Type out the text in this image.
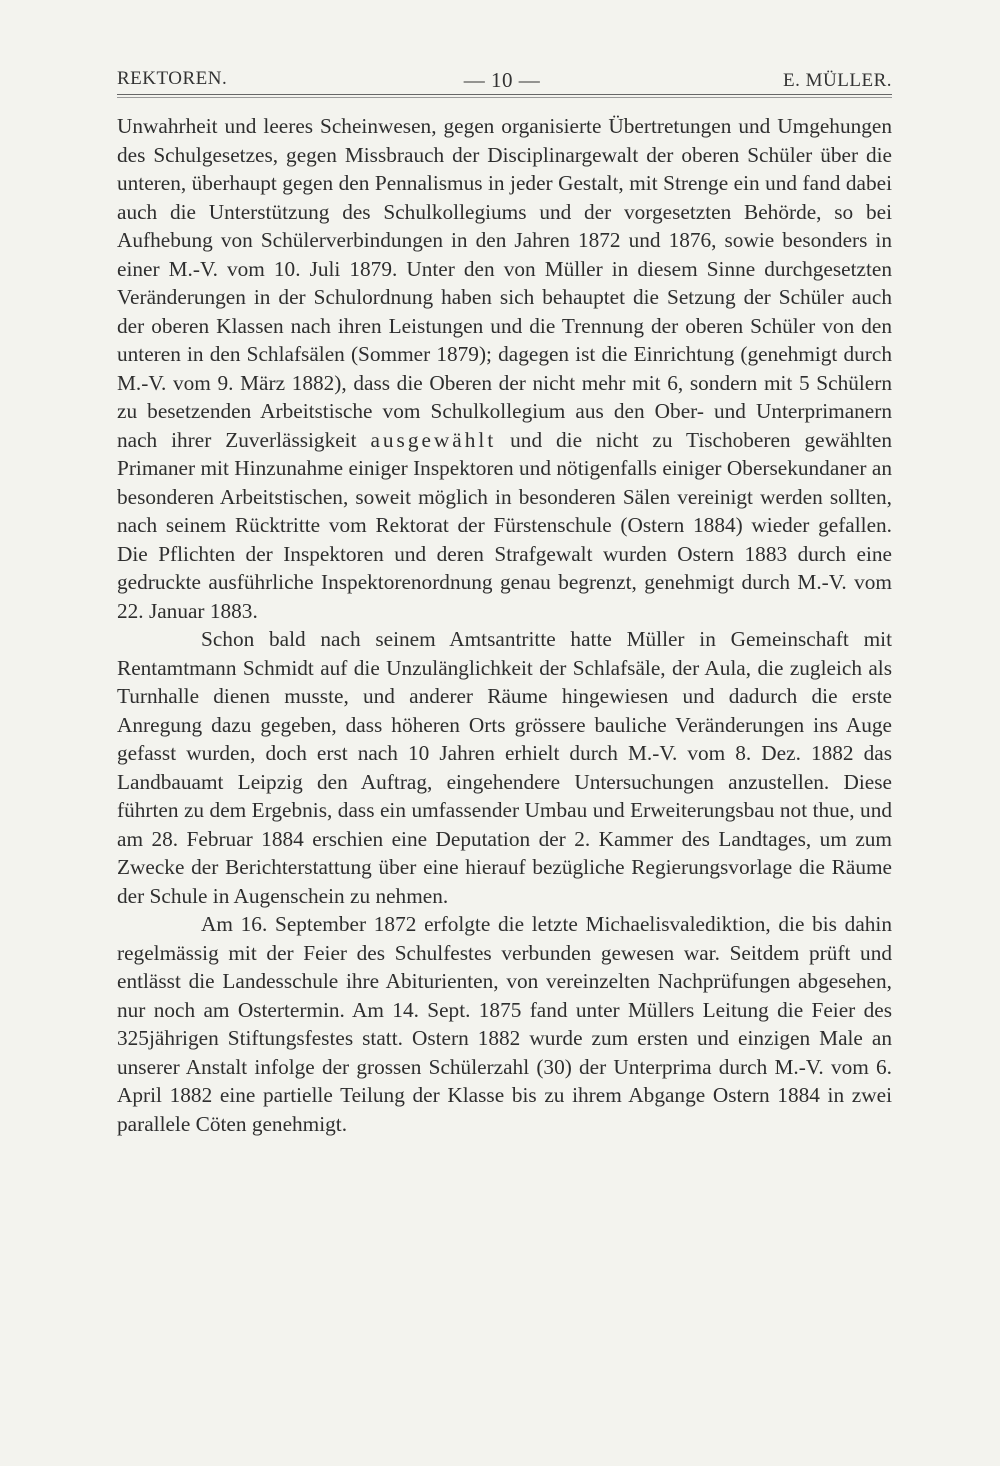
REKTOREN.	— 10 —	E. MÜLLER.

Unwahrheit und leeres Scheinwesen, gegen organisierte Übertretungen und Umgehungen des Schulgesetzes, gegen Missbrauch der Disciplinargewalt der oberen Schüler über die unteren, überhaupt gegen den Pennalismus in jeder Gestalt, mit Strenge ein und fand dabei auch die Unterstützung des Schulkollegiums und der vorgesetzten Behörde, so bei Aufhebung von Schülerverbindungen in den Jahren 1872 und 1876, sowie besonders in einer M.-V. vom 10. Juli 1879. Unter den von Müller in diesem Sinne durchgesetzten Veränderungen in der Schulordnung haben sich behauptet die Setzung der Schüler auch der oberen Klassen nach ihren Leistungen und die Trennung der oberen Schüler von den unteren in den Schlafsälen (Sommer 1879); dagegen ist die Einrichtung (genehmigt durch M.-V. vom 9. März 1882), dass die Oberen der nicht mehr mit 6, sondern mit 5 Schülern zu besetzenden Arbeitstische vom Schulkollegium aus den Ober- und Unterprimanern nach ihrer Zuverlässigkeit ausgewählt und die nicht zu Tischoberen gewählten Primaner mit Hinzunahme einiger Inspektoren und nötigenfalls einiger Obersekundaner an besonderen Arbeitstischen, soweit möglich in besonderen Sälen vereinigt werden sollten, nach seinem Rücktritte vom Rektorat der Fürstenschule (Ostern 1884) wieder gefallen. Die Pflichten der Inspektoren und deren Strafgewalt wurden Ostern 1883 durch eine gedruckte ausführliche Inspektorenordnung genau begrenzt, genehmigt durch M.-V. vom 22. Januar 1883.

Schon bald nach seinem Amtsantritte hatte Müller in Gemeinschaft mit Rentamtmann Schmidt auf die Unzulänglichkeit der Schlafsäle, der Aula, die zugleich als Turnhalle dienen musste, und anderer Räume hingewiesen und dadurch die erste Anregung dazu gegeben, dass höheren Orts grössere bauliche Veränderungen ins Auge gefasst wurden, doch erst nach 10 Jahren erhielt durch M.-V. vom 8. Dez. 1882 das Landbauamt Leipzig den Auftrag, eingehendere Untersuchungen anzustellen. Diese führten zu dem Ergebnis, dass ein umfassender Umbau und Erweiterungsbau not thue, und am 28. Februar 1884 erschien eine Deputation der 2. Kammer des Landtages, um zum Zwecke der Berichterstattung über eine hierauf bezügliche Regierungsvorlage die Räume der Schule in Augenschein zu nehmen.

Am 16. September 1872 erfolgte die letzte Michaelisvalediktion, die bis dahin regelmässig mit der Feier des Schulfestes verbunden gewesen war. Seitdem prüft und entlässt die Landesschule ihre Abiturienten, von vereinzelten Nachprüfungen abgesehen, nur noch am Ostertermin. Am 14. Sept. 1875 fand unter Müllers Leitung die Feier des 325jährigen Stiftungsfestes statt. Ostern 1882 wurde zum ersten und einzigen Male an unserer Anstalt infolge der grossen Schülerzahl (30) der Unterprima durch M.-V. vom 6. April 1882 eine partielle Teilung der Klasse bis zu ihrem Abgange Ostern 1884 in zwei parallele Cöten genehmigt.
